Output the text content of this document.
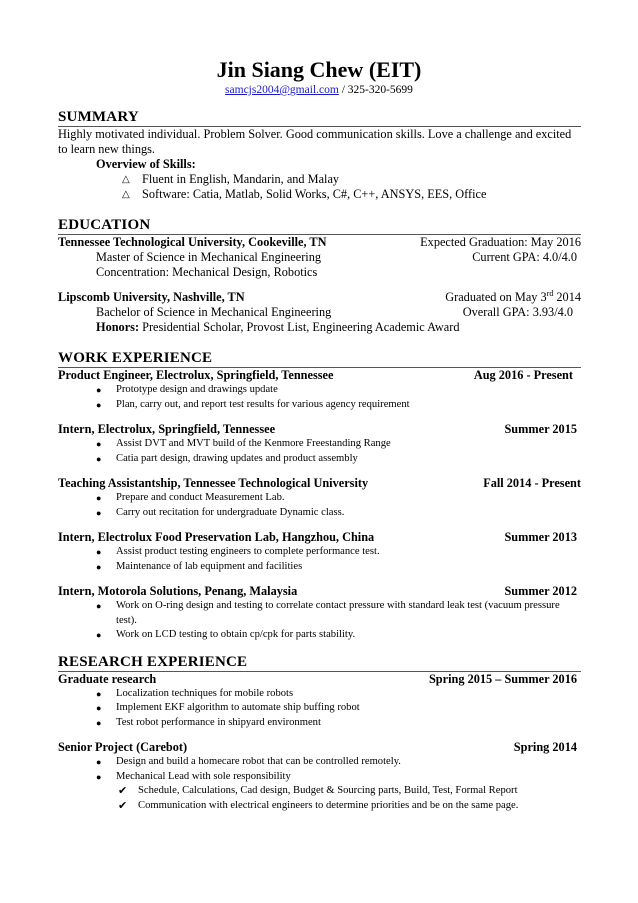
Jin Siang Chew (EIT)
samcjs2004@gmail.com / 325-320-5699
SUMMARY
Highly motivated individual. Problem Solver. Good communication skills. Love a challenge and excited to learn new things.
Overview of Skills:
△ Fluent in English, Mandarin, and Malay
△ Software: Catia, Matlab, Solid Works, C#, C++, ANSYS, EES, Office
EDUCATION
Tennessee Technological University, Cookeville, TN	Expected Graduation: May 2016
Master of Science in Mechanical Engineering	Current GPA: 4.0/4.0
Concentration: Mechanical Design, Robotics
Lipscomb University, Nashville, TN	Graduated on May 3rd 2014
Bachelor of Science in Mechanical Engineering	Overall GPA: 3.93/4.0
Honors: Presidential Scholar, Provost List, Engineering Academic Award
WORK EXPERIENCE
Product Engineer, Electrolux, Springfield, Tennessee	Aug 2016 - Present
●	Prototype design and drawings update
●	Plan, carry out, and report test results for various agency requirement
Intern, Electrolux, Springfield, Tennessee	Summer 2015
●	Assist DVT and MVT build of the Kenmore Freestanding Range
●	Catia part design, drawing updates and product assembly
Teaching Assistantship, Tennessee Technological University	Fall 2014 - Present
●	Prepare and conduct Measurement Lab.
●	Carry out recitation for undergraduate Dynamic class.
Intern, Electrolux Food Preservation Lab, Hangzhou, China	Summer 2013
●	Assist product testing engineers to complete performance test.
●	Maintenance of lab equipment and facilities
Intern, Motorola Solutions, Penang, Malaysia	Summer 2012
●	Work on O-ring design and testing to correlate contact pressure with standard leak test (vacuum pressure test).
●	Work on LCD testing to obtain cp/cpk for parts stability.
RESEARCH EXPERIENCE
Graduate research	Spring 2015 – Summer 2016
●	Localization techniques for mobile robots
●	Implement EKF algorithm to automate ship buffing robot
●	Test robot performance in shipyard environment
Senior Project (Carebot)	Spring 2014
●	Design and build a homecare robot that can be controlled remotely.
●	Mechanical Lead with sole responsibility
✔	Schedule, Calculations, Cad design, Budget & Sourcing parts, Build, Test, Formal Report
✔	Communication with electrical engineers to determine priorities and be on the same page.
